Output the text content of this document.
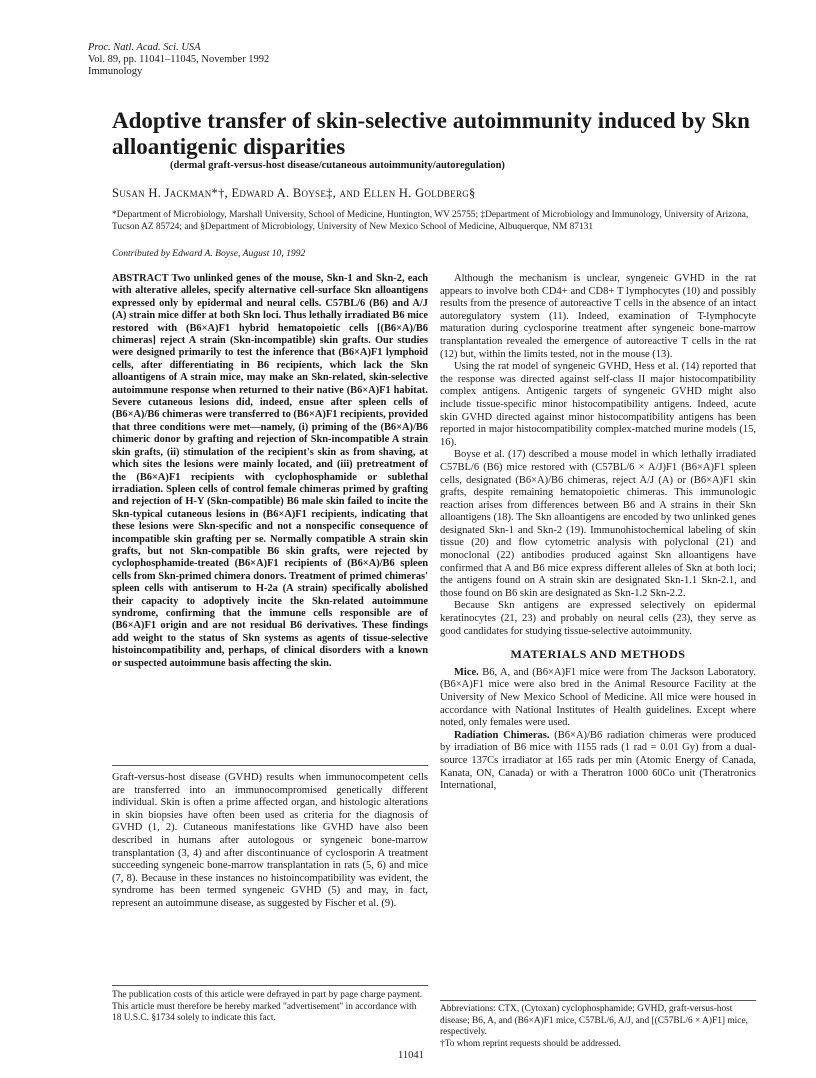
Proc. Natl. Acad. Sci. USA
Vol. 89, pp. 11041–11045, November 1992
Immunology
Adoptive transfer of skin-selective autoimmunity induced by Skn alloantigenic disparities
(dermal graft-versus-host disease/cutaneous autoimmunity/autoregulation)
Susan H. Jackman*†, Edward A. Boyse‡, and Ellen H. Goldberg§
*Department of Microbiology, Marshall University, School of Medicine, Huntington, WV 25755; ‡Department of Microbiology and Immunology, University of Arizona, Tucson AZ 85724; and §Department of Microbiology, University of New Mexico School of Medicine, Albuquerque, NM 87131
Contributed by Edward A. Boyse, August 10, 1992
ABSTRACT Two unlinked genes of the mouse, Skn-1 and Skn-2, each with alterative alleles, specify alternative cell-surface Skn alloantigens expressed only by epidermal and neural cells. C57BL/6 (B6) and A/J (A) strain mice differ at both Skn loci. Thus lethally irradiated B6 mice restored with (B6×A)F1 hybrid hematopoietic cells [(B6×A)/B6 chimeras] reject A strain (Skn-incompatible) skin grafts. Our studies were designed primarily to test the inference that (B6×A)F1 lymphoid cells, after differentiating in B6 recipients, which lack the Skn alloantigens of A strain mice, may make an Skn-related, skin-selective autoimmune response when returned to their native (B6×A)F1 habitat. Severe cutaneous lesions did, indeed, ensue after spleen cells of (B6×A)/B6 chimeras were transferred to (B6×A)F1 recipients, provided that three conditions were met—namely, (i) priming of the (B6×A)/B6 chimeric donor by grafting and rejection of Skn-incompatible A strain skin grafts, (ii) stimulation of the recipient's skin as from shaving, at which sites the lesions were mainly located, and (iii) pretreatment of the (B6×A)F1 recipients with cyclophosphamide or sublethal irradiation. Spleen cells of control female chimeras primed by grafting and rejection of H-Y (Skn-compatible) B6 male skin failed to incite the Skn-typical cutaneous lesions in (B6×A)F1 recipients, indicating that these lesions were Skn-specific and not a nonspecific consequence of incompatible skin grafting per se. Normally compatible A strain skin grafts, but not Skn-compatible B6 skin grafts, were rejected by cyclophosphamide-treated (B6×A)F1 recipients of (B6×A)/B6 spleen cells from Skn-primed chimera donors. Treatment of primed chimeras' spleen cells with antiserum to H-2a (A strain) specifically abolished their capacity to adoptively incite the Skn-related autoimmune syndrome, confirming that the immune cells responsible are of (B6×A)F1 origin and are not residual B6 derivatives. These findings add weight to the status of Skn systems as agents of tissue-selective histoincompatibility and, perhaps, of clinical disorders with a known or suspected autoimmune basis affecting the skin.
Graft-versus-host disease (GVHD) results when immunocompetent cells are transferred into an immunocompromised genetically different individual. Skin is often a prime affected organ, and histologic alterations in skin biopsies have often been used as criteria for the diagnosis of GVHD (1, 2). Cutaneous manifestations like GVHD have also been described in humans after autologous or syngeneic bone-marrow transplantation (3, 4) and after discontinuance of cyclosporin A treatment succeeding syngeneic bone-marrow transplantation in rats (5, 6) and mice (7, 8). Because in these instances no histoincompatibility was evident, the syndrome has been termed syngeneic GVHD (5) and may, in fact, represent an autoimmune disease, as suggested by Fischer et al. (9).
The publication costs of this article were defrayed in part by page charge payment. This article must therefore be hereby marked "advertisement" in accordance with 18 U.S.C. §1734 solely to indicate this fact.

Although the mechanism is unclear, syngeneic GVHD in the rat appears to involve both CD4+ and CD8+ T lymphocytes (10) and possibly results from the presence of autoreactive T cells in the absence of an intact autoregulatory system (11). Indeed, examination of T-lymphocyte maturation during cyclosporine treatment after syngeneic bone-marrow transplantation revealed the emergence of autoreactive T cells in the rat (12) but, within the limits tested, not in the mouse (13).

Using the rat model of syngeneic GVHD, Hess et al. (14) reported that the response was directed against self-class II major histocompatibility complex antigens. Antigenic targets of syngeneic GVHD might also include tissue-specific minor histocompatibility antigens. Indeed, acute skin GVHD directed against minor histocompatibility antigens has been reported in major histocompatibility complex-matched murine models (15, 16).

Boyse et al. (17) described a mouse model in which lethally irradiated C57BL/6 (B6) mice restored with (C57BL/6 × A/J)F1 (B6×A)F1 spleen cells, designated (B6×A)/B6 chimeras, reject A/J (A) or (B6×A)F1 skin grafts, despite remaining hematopoietic chimeras. This immunologic reaction arises from differences between B6 and A strains in their Skn alloantigens (18). The Skn alloantigens are encoded by two unlinked genes designated Skn-1 and Skn-2 (19). Immunohistochemical labeling of skin tissue (20) and flow cytometric analysis with polyclonal (21) and monoclonal (22) antibodies produced against Skn alloantigens have confirmed that A and B6 mice express different alleles of Skn at both loci; the antigens found on A strain skin are designated Skn-1.1 Skn-2.1, and those found on B6 skin are designated as Skn-1.2 Skn-2.2.

Because Skn antigens are expressed selectively on epidermal keratinocytes (21, 23) and probably on neural cells (23), they serve as good candidates for studying tissue-selective autoimmunity.

MATERIALS AND METHODS

Mice. B6, A, and (B6×A)F1 mice were from The Jackson Laboratory. (B6×A)F1 mice were also bred in the Animal Resource Facility at the University of New Mexico School of Medicine. All mice were housed in accordance with National Institutes of Health guidelines. Except where noted, only females were used.

Radiation Chimeras. (B6×A)/B6 radiation chimeras were produced by irradiation of B6 mice with 1155 rads (1 rad = 0.01 Gy) from a dual-source 137Cs irradiator at 165 rads per min (Atomic Energy of Canada, Kanata, ON, Canada) or with a Theratron 1000 60Co unit (Theratronics International,

Abbreviations: CTX, (Cytoxan) cyclophosphamide; GVHD, graft-versus-host disease; B6, A, and (B6×A)F1 mice, C57BL/6, A/J, and [(C57BL/6 × A)F1] mice, respectively.
†To whom reprint requests should be addressed.
11041
